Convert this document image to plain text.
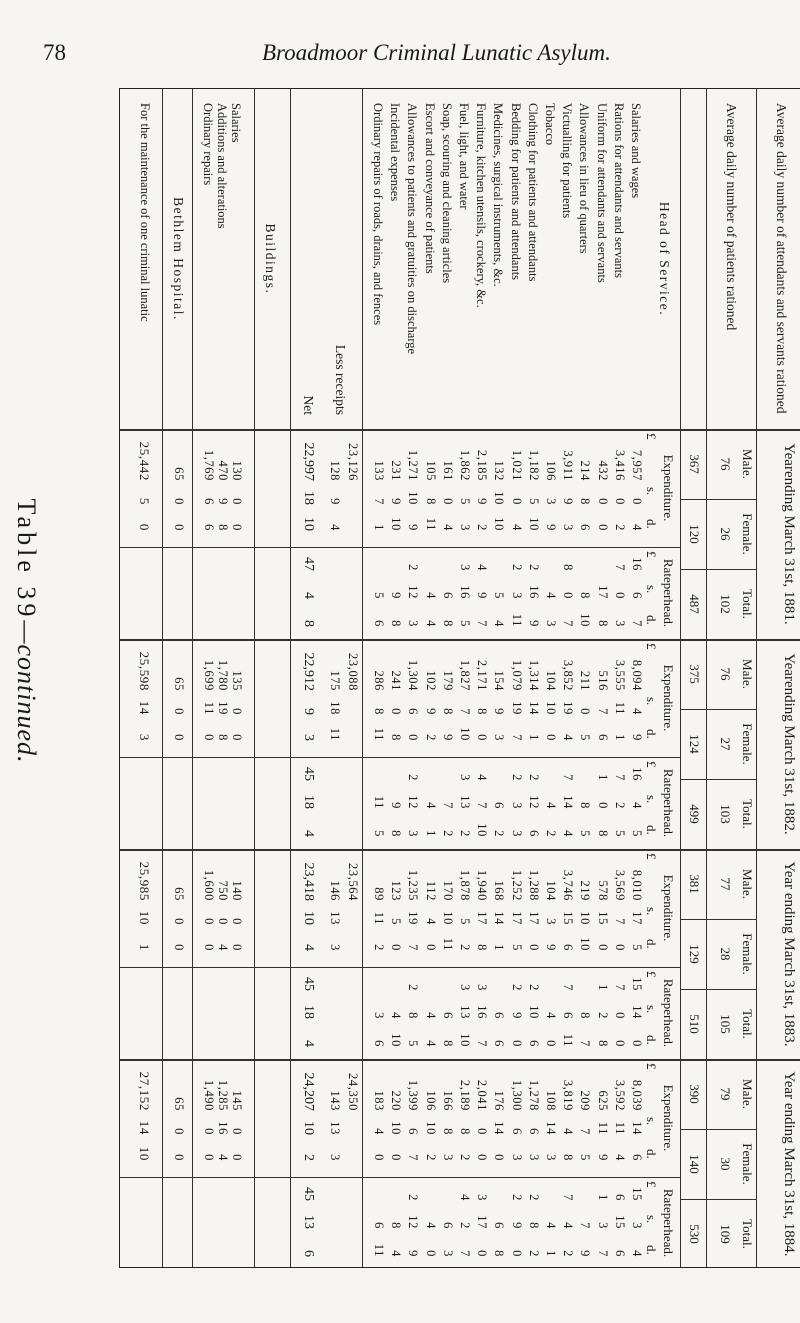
78	Broadmoor Criminal Lunatic Asylum.
Table 39—continued.
Average daily number of attendants and servants rationed
Average daily number of patients rationed
Head of Service.
Salaries and wages
Rations for attendants and servants
Uniform for attendants and servants
Allowances in lieu of quarters
Victualling for patients
Tobacco
Clothing for patients and attendants
Bedding for patients and attendants
Medicines, surgical instruments, &c.
Furniture, kitchen utensils, crockery, &c.
Fuel, light, and water
Soap, scouring and cleaning articles
Escort and conveyance of patients
Allowances to patients and gratuities on discharge
Incidental expenses
Ordinary repairs of roads, drains, and fences
Less receipts
Net
Buildings.
Salaries
Additions and alterations
Ordinary repairs
Bethlem Hospital.
For the maintenance of one criminal lunatic
Yearending March 31st, 1881.
Male.
Female.
Total.
76
26
102
367
120
487
Expenditure.
Rateperhead.
£
s.
d.
£
s.
d.
7,957
0
4
16
6
7
3,416
0
2
7
0
3
432
0
0
17
8
214
8
6
8
10
3,911
9
3
8
0
7
106
3
9
4
3
1,182
5
10
2
16
9
1,021
0
4
2
3
11
132
10
10
5
4
2,185
9
2
4
9
7
1,862
5
3
3
16
5
161
0
4
6
8
105
8
11
4
4
1,271
10
9
2
12
3
231
9
10
9
8
133
7
1
5
6
23,126
128
9
4
22,997
18
10
47
4
8
130
0
0
470
9
8
1,769
6
6
65
0
0
25,442
5
0
Yearending March 31st, 1882.
Male.
Female.
Total.
76
27
103
375
124
499
Expenditure.
Rateperhead.
£
s.
d.
£
s.
d.
8,094
4
9
16
4
5
3,555
11
1
7
2
5
516
7
6
1
0
8
211
0
5
8
5
3,852
19
4
7
14
4
104
10
0
4
2
1,314
14
1
2
12
6
1,079
19
7
2
3
3
154
9
3
6
2
2,171
8
0
4
7
10
1,827
7
10
3
13
2
179
8
9
7
2
102
9
2
4
1
1,304
6
0
2
12
3
241
0
8
9
8
286
8
11
11
5
23,088
175
18
11
22,912
9
3
45
18
4
135
0
0
1,780
19
8
1,699
11
0
65
0
0
25,598
14
3
Year ending March 31st, 1883.
Male.
Female.
Total.
77
28
105
381
129
510
Expenditure.
Rateperhead.
£
s.
d.
£
s.
d.
8,010
17
5
15
14
0
3,569
7
0
7
0
0
578
15
0
1
2
8
219
10
10
8
7
3,746
15
6
7
6
11
104
3
9
4
0
1,288
17
0
2
10
6
1,252
17
5
2
9
0
168
14
1
6
6
1,940
17
8
3
16
7
1,878
5
2
3
13
10
170
10
11
6
8
112
4
0
4
4
1,235
19
7
2
8
5
123
5
0
4
10
89
11
2
3
6
23,564
146
13
3
23,418
10
4
45
18
4
140
0
0
750
0
4
1,600
0
0
65
0
0
25,985
10
1
Year ending March 31st, 1884.
Male.
Female.
Total.
79
30
109
390
140
530
Expenditure.
Rateperhead.
£
s.
d.
£
s.
d.
8,039
14
6
15
3
4
3,592
11
4
6
15
6
625
11
9
1
3
7
209
7
5
7
9
3,819
4
8
7
4
2
108
14
3
4
1
1,278
6
3
2
8
2
1,300
6
3
2
9
0
176
14
0
6
8
2,041
0
0
3
17
0
2,189
8
2
4
2
7
166
8
3
6
3
106
10
2
4
0
1,399
6
7
2
12
9
220
10
0
8
4
183
4
0
6
11
24,350
143
13
3
24,207
10
2
45
13
6
145
0
0
1,285
16
4
1,490
0
0
65
0
0
27,152
14
10
